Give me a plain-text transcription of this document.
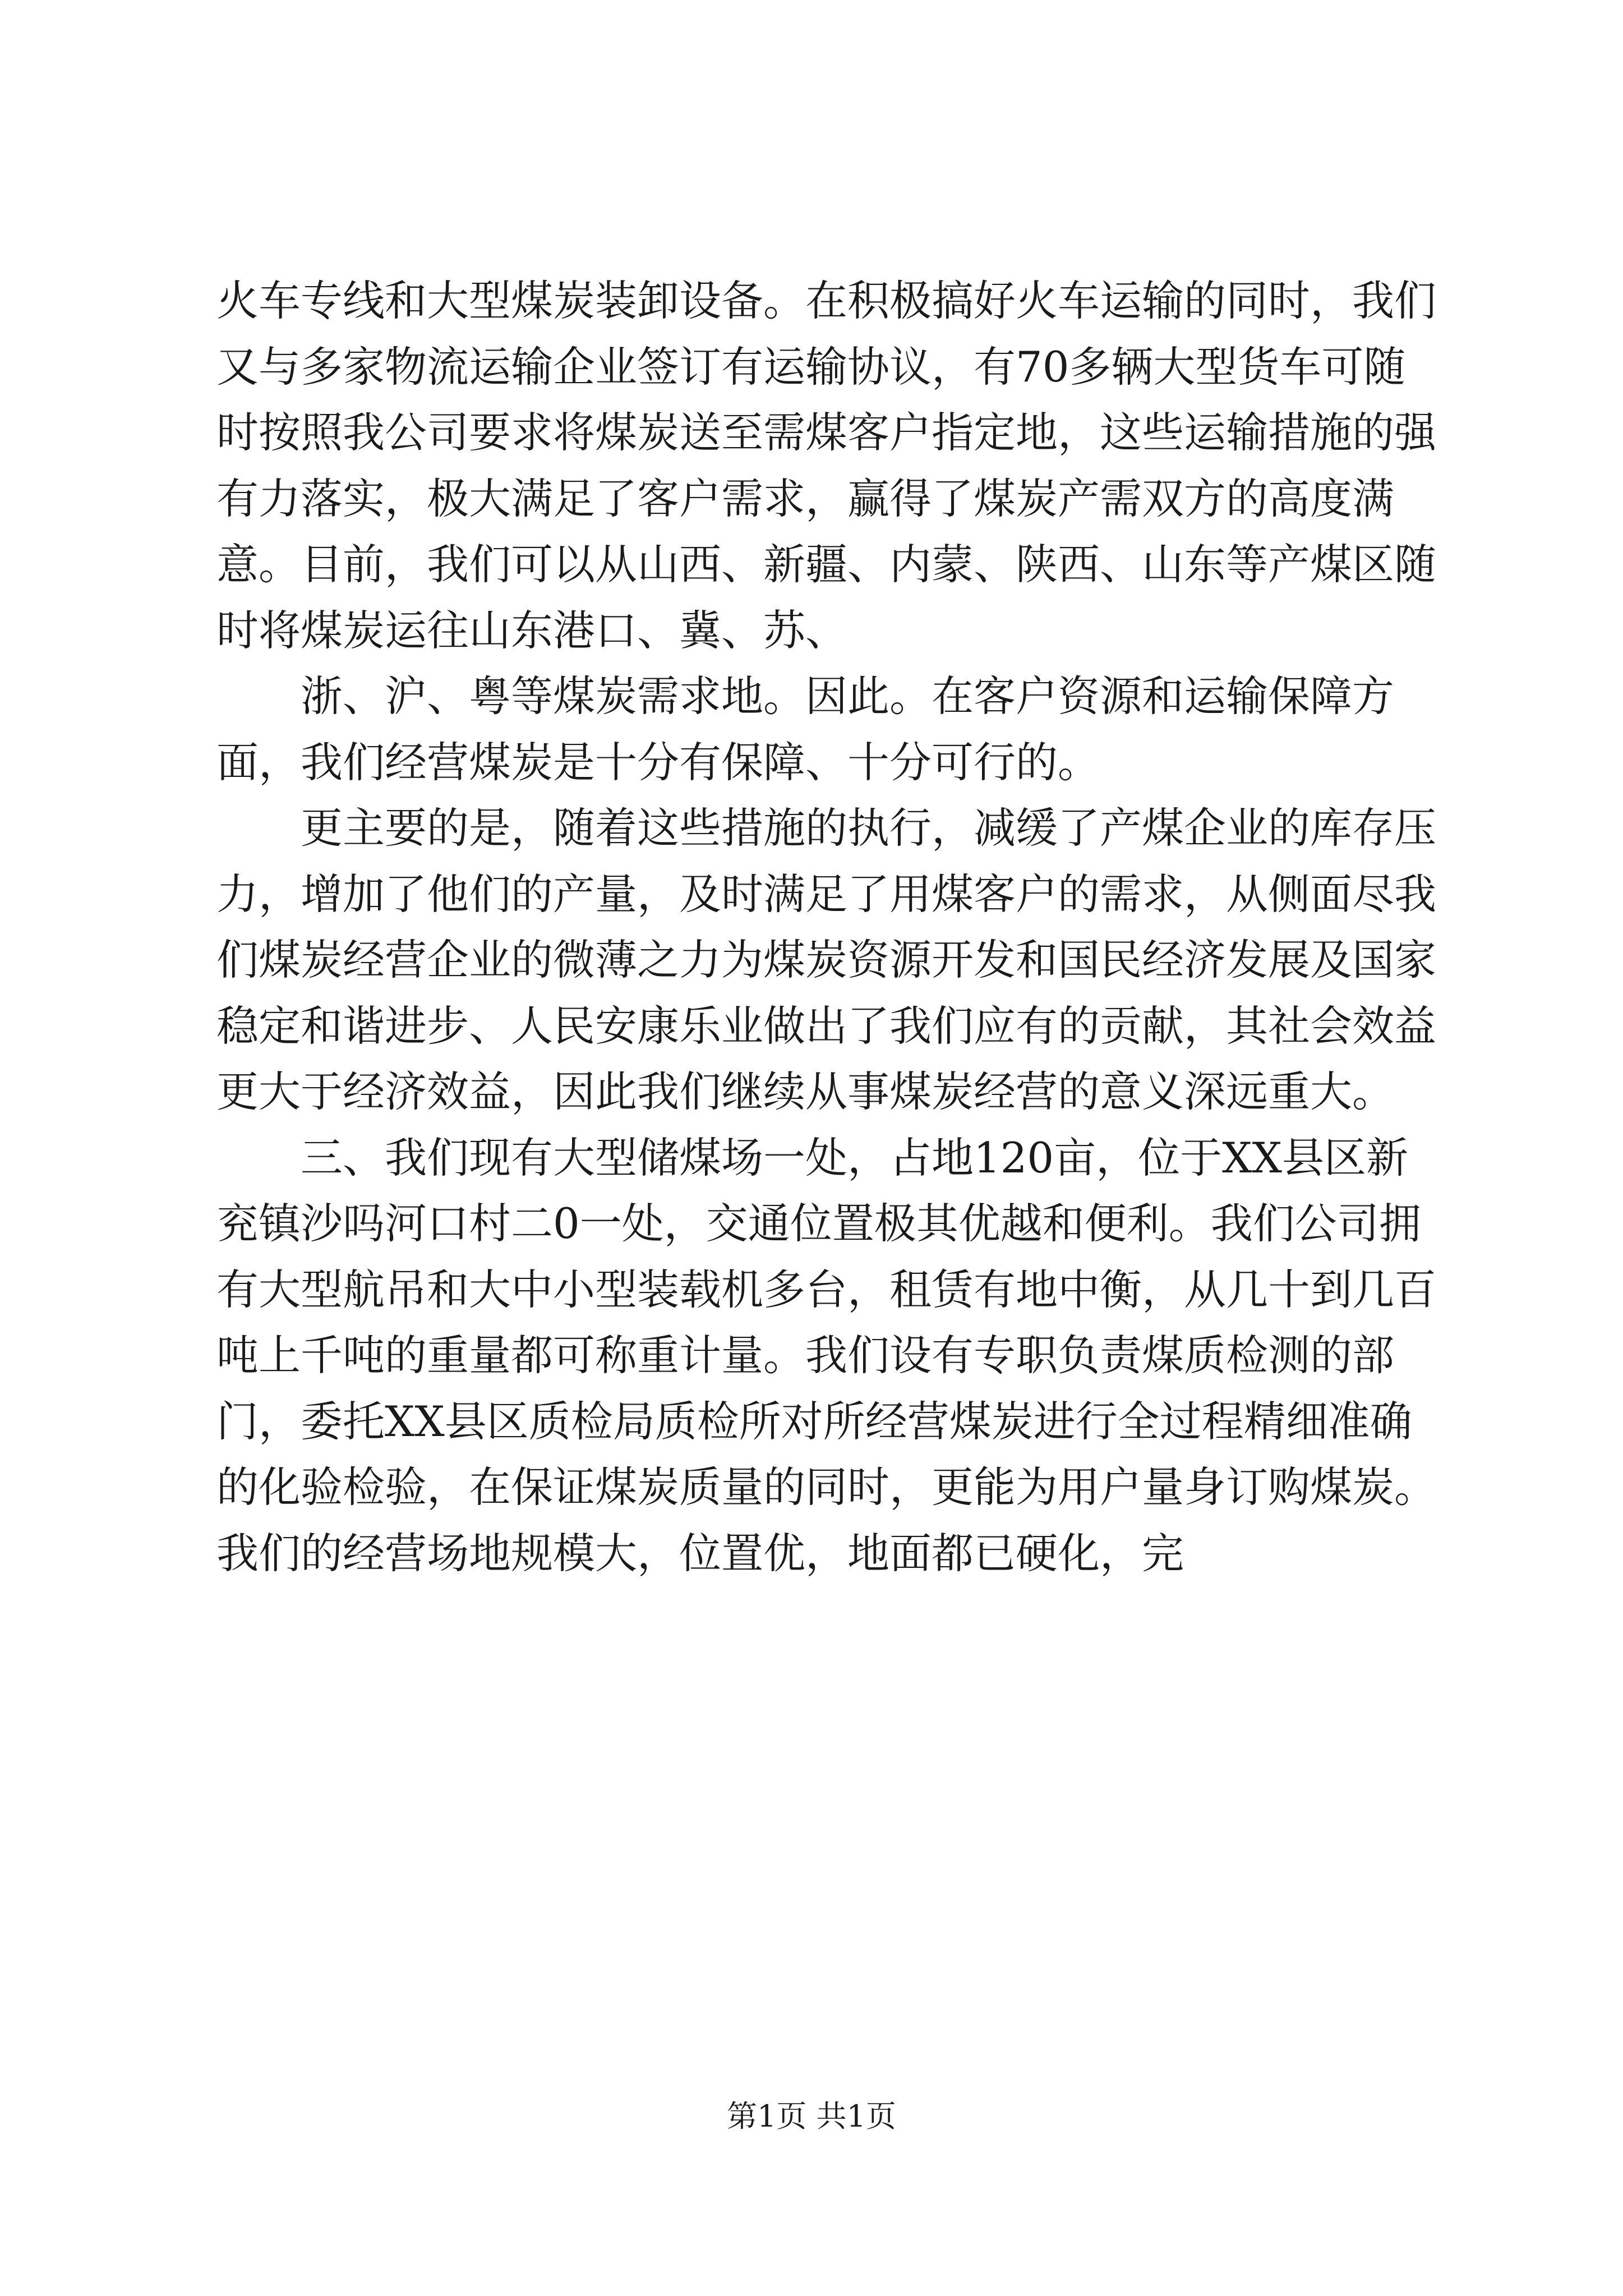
火车专线和大型煤炭装卸设备。在积极搞好火车运输的同时，我们又与多家物流运输企业签订有运输协议，有70多辆大型货车可随时按照我公司要求将煤炭送至需煤客户指定地，这些运输措施的强有力落实，极大满足了客户需求，赢得了煤炭产需双方的高度满意。目前，我们可以从山西、新疆、内蒙、陕西、山东等产煤区随时将煤炭运往山东港口、冀、苏、

浙、沪、粤等煤炭需求地。因此。在客户资源和运输保障方面，我们经营煤炭是十分有保障、十分可行的。

更主要的是，随着这些措施的执行，减缓了产煤企业的库存压力，增加了他们的产量，及时满足了用煤客户的需求，从侧面尽我们煤炭经营企业的微薄之力为煤炭资源开发和国民经济发展及国家稳定和谐进步、人民安康乐业做出了我们应有的贡献，其社会效益更大于经济效益，因此我们继续从事煤炭经营的意义深远重大。

三、我们现有大型储煤场一处，占地120亩，位于XX县区新兖镇沙吗河口村二0一处，交通位置极其优越和便利。我们公司拥有大型航吊和大中小型装载机多台，租赁有地中衡，从几十到几百吨上千吨的重量都可称重计量。我们设有专职负责煤质检测的部门，委托XX县区质检局质检所对所经营煤炭进行全过程精细准确的化验检验，在保证煤炭质量的同时，更能为用户量身订购煤炭。我们的经营场地规模大，位置优，地面都已硬化，完

第1页 共1页
